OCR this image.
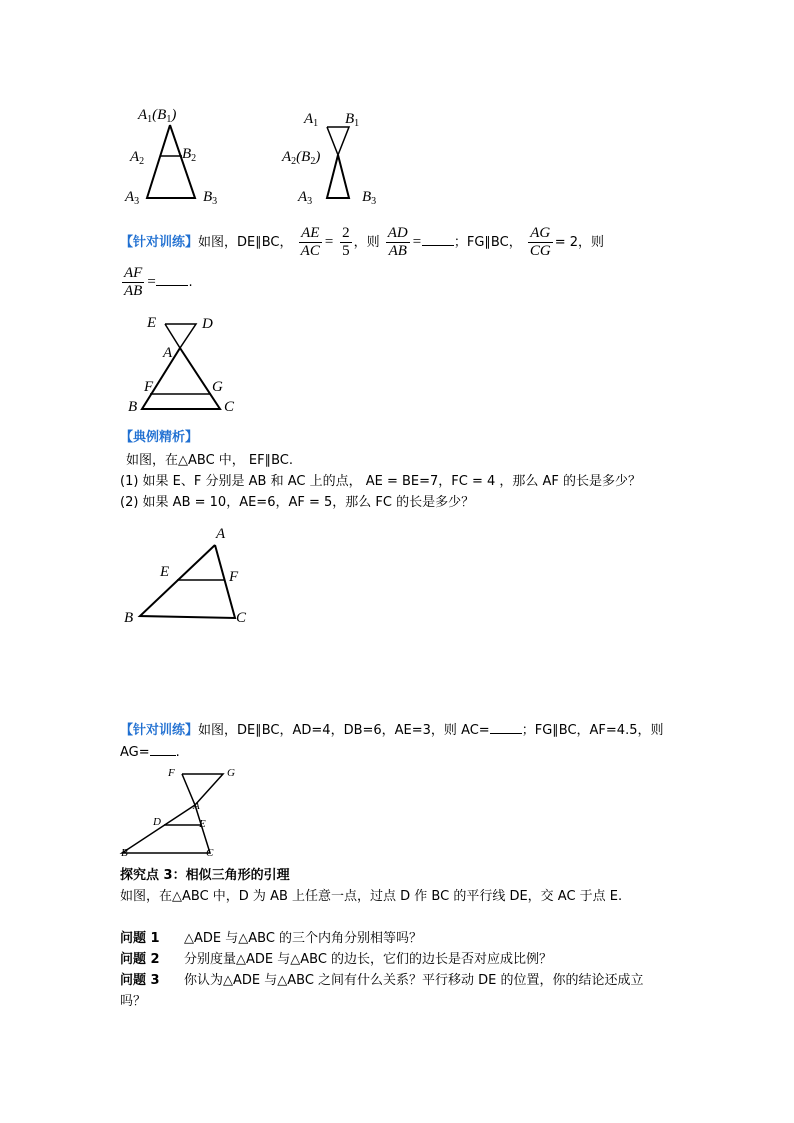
$A_1(B_1)$
$A_2$	$B_2$
$A_3$	$B_3$
$A_1$ $B_1$
$A_2(B_2)$
$A_3$	$B_3$
【针对训练】如图，DE∥BC， $\frac{AE}{AC} = \frac{2}{5}$ ，则 $\frac{AD}{AB}$ = ；FG∥BC， $\frac{AG}{CG} = 2$，则
$\frac{AF}{AB}$ = .
E	D
A
F	G
B	C
【典例精析】
如图，在△ABC 中， EF∥BC.
(1) 如果 E、F 分别是 AB 和 AC 上的点， AE = BE=7，FC = 4 ，那么 AF 的长是多少？
(2) 如果 AB = 10，AE=6，AF = 5，那么 FC 的长是多少？
A
E	F
B	C
【针对训练】如图，DE∥BC，AD=4，DB=6，AE=3，则 AC= ；FG∥BC，AF=4.5，则
AG= .
F	G
A
D	E
B	C
探究点 3：相似三角形的引理
如图，在△ABC 中，D 为 AB 上任意一点，过点 D 作 BC 的平行线 DE，交 AC 于点 E.
问题 1 △ADE 与△ABC 的三个内角分别相等吗？
问题 2 分别度量△ADE 与△ABC 的边长，它们的边长是否对应成比例？
问题 3 你认为△ADE 与△ABC 之间有什么关系？平行移动 DE 的位置，你的结论还成立
吗？
